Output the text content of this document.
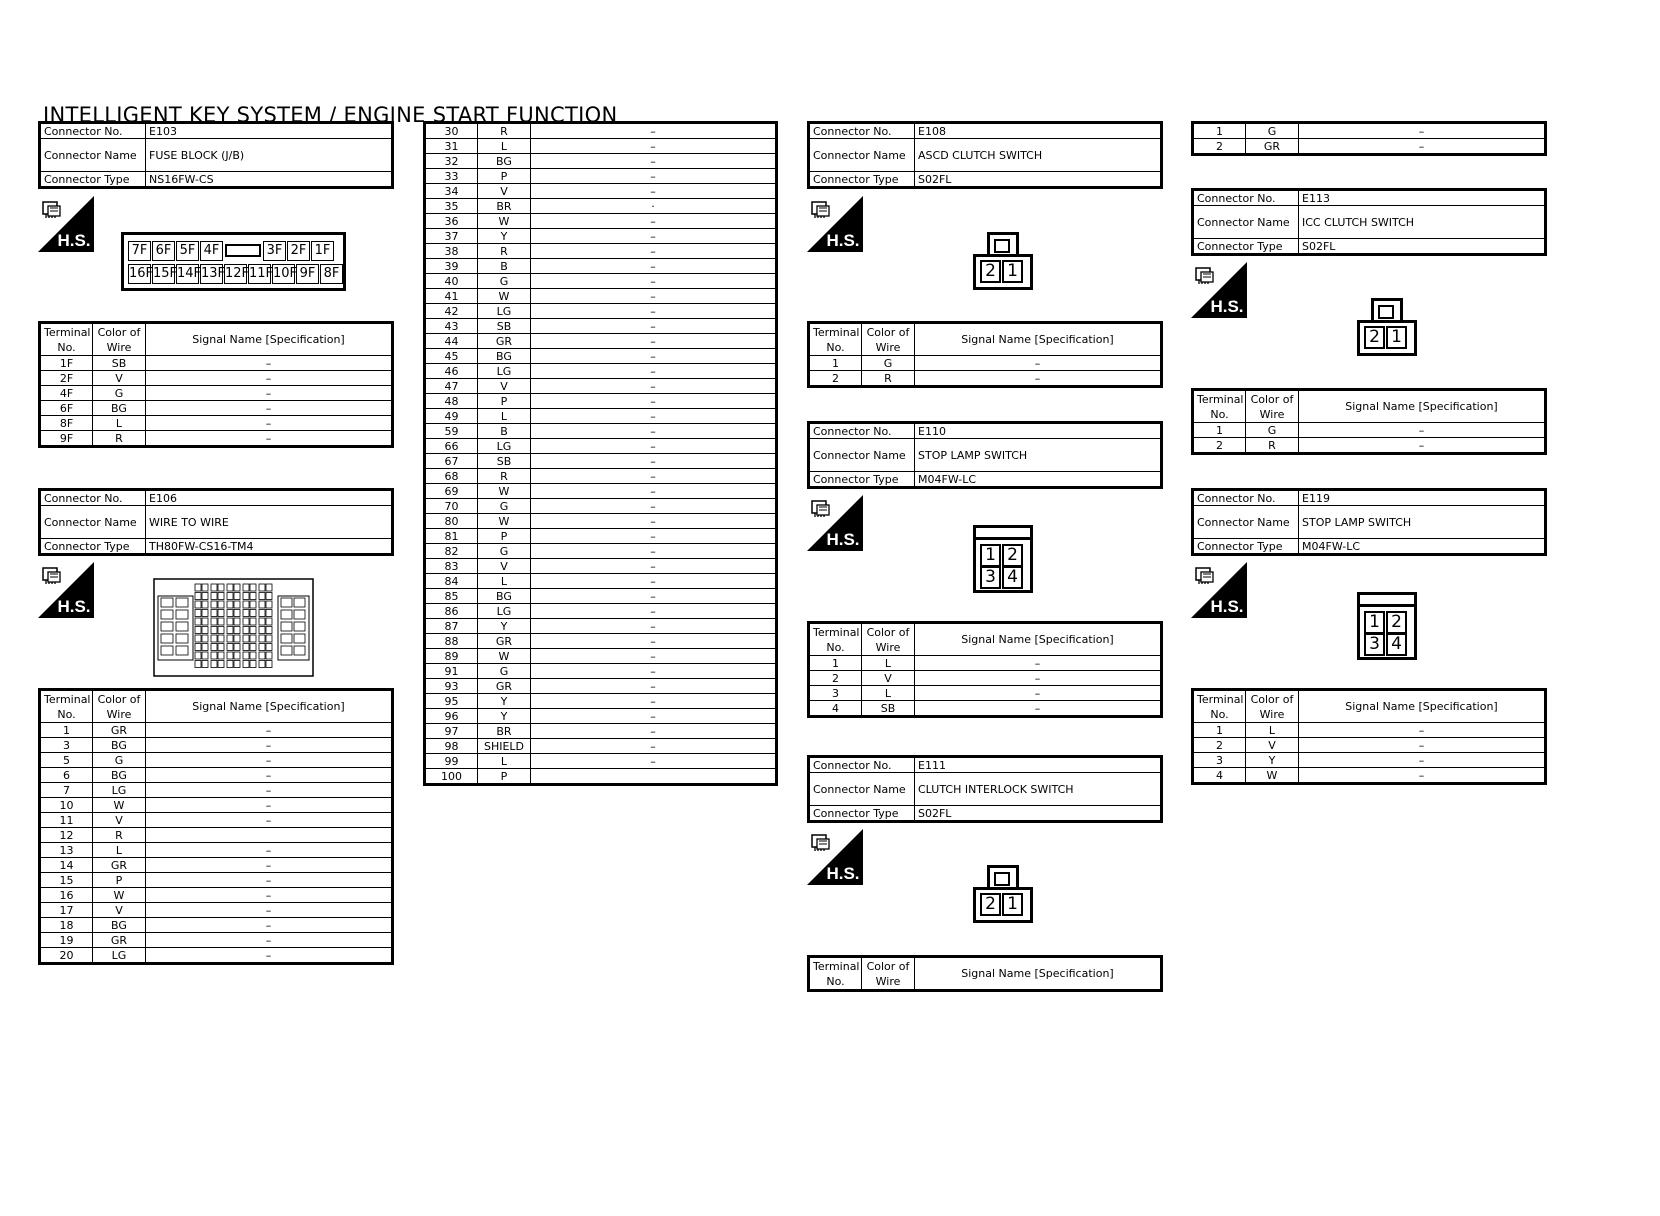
INTELLIGENT KEY SYSTEM / ENGINE START FUNCTION
Connector No.	E103
Connector Name	FUSE BLOCK (J/B)
Connector Type	NS16FW-CS
H.S.
7F 6F 5F 4F	3F 2F 1F
16F15F14F13F12F11F10F 9F 8F
Terminal No.	Color of Wire	Signal Name [Specification]
1F	SB	–
2F	V	–
4F	G	–
6F	BG	–
8F	L	–
9F	R	–
Connector No.	E106
Connector Name	WIRE TO WIRE
Connector Type	TH80FW-CS16-TM4
H.S.
Terminal No.	Color of Wire	Signal Name [Specification]
1	GR	–
3	BG	–
5	G	–
6	BG	–
7	LG	–
10	W	–
11	V	–
12	R	
13	L	–
14	GR	–
15	P	–
16	W	–
17	V	–
18	BG	–
19	GR	–
20	LG	–
30	R	–
31	L	–
32	BG	–
33	P	–
34	V	–
35	BR	·
36	W	–
37	Y	–
38	R	–
39	B	–
40	G	–
41	W	–
42	LG	–
43	SB	–
44	GR	–
45	BG	–
46	LG	–
47	V	–
48	P	–
49	L	–
59	B	–
66	LG	–
67	SB	–
68	R	–
69	W	–
70	G	–
80	W	–
81	P	–
82	G	–
83	V	–
84	L	–
85	BG	–
86	LG	–
87	Y	–
88	GR	–
89	W	–
91	G	–
93	GR	–
95	Y	–
96	Y	–
97	BR	–
98	SHIELD	–
99	L	–
100	P	
Connector No.	E108
Connector Name	ASCD CLUTCH SWITCH
Connector Type	S02FL
H.S.
2 1
Terminal No.	Color of Wire	Signal Name [Specification]
1	G	–
2	R	–
Connector No.	E110
Connector Name	STOP LAMP SWITCH
Connector Type	M04FW-LC
H.S.
1 2
3 4
Terminal No.	Color of Wire	Signal Name [Specification]
1	L	–
2	V	–
3	L	–
4	SB	–
Connector No.	E111
Connector Name	CLUTCH INTERLOCK SWITCH
Connector Type	S02FL
H.S.
2 1
Terminal No.	Color of Wire	Signal Name [Specification]
1	G	–
2	GR	–
Connector No.	E113
Connector Name	ICC CLUTCH SWITCH
Connector Type	S02FL
H.S.
2 1
Terminal No.	Color of Wire	Signal Name [Specification]
1	G	–
2	R	–
Connector No.	E119
Connector Name	STOP LAMP SWITCH
Connector Type	M04FW-LC
H.S.
1 2
3 4
Terminal No.	Color of Wire	Signal Name [Specification]
1	L	–
2	V	–
3	Y	–
4	W	–
